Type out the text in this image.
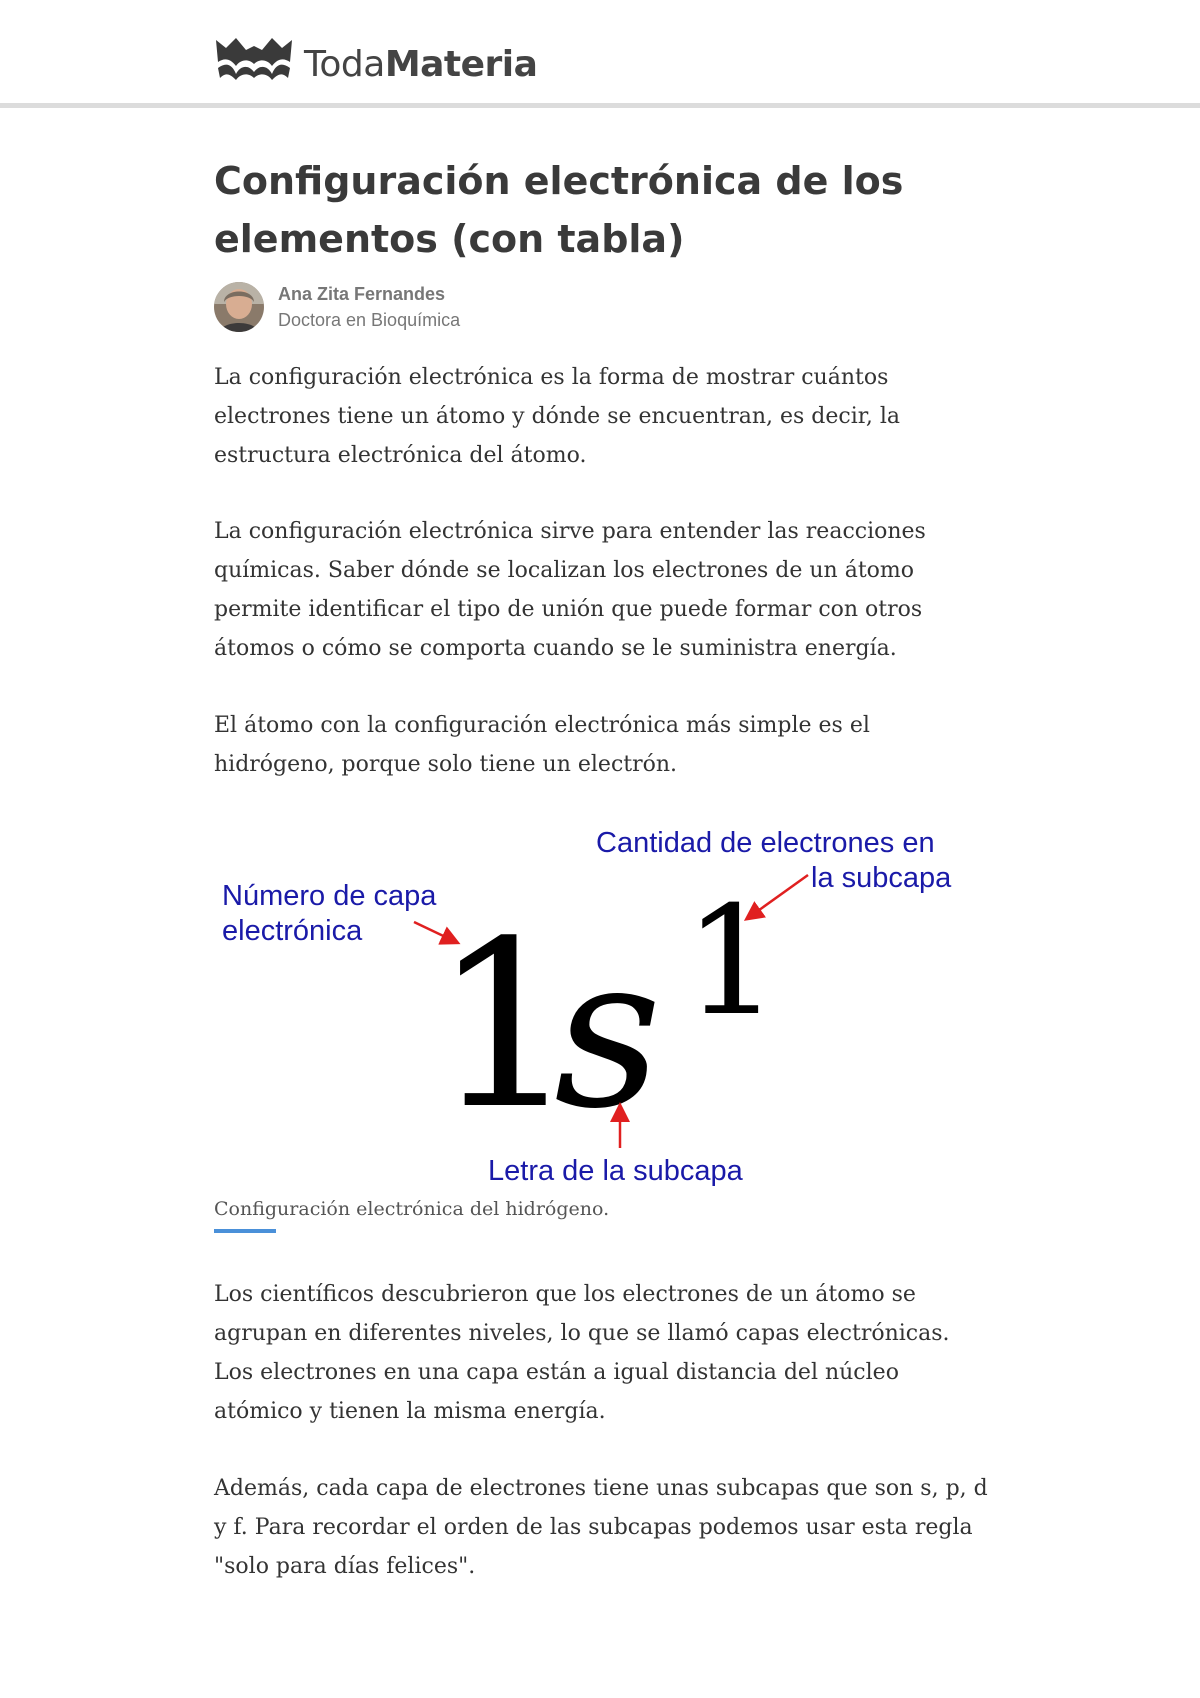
TodaMateria
Configuración electrónica de los elementos (con tabla)
Ana Zita Fernandes
Doctora en Bioquímica

La configuración electrónica es la forma de mostrar cuántos electrones tiene un átomo y dónde se encuentran, es decir, la estructura electrónica del átomo.

La configuración electrónica sirve para entender las reacciones químicas. Saber dónde se localizan los electrones de un átomo permite identificar el tipo de unión que puede formar con otros átomos o cómo se comporta cuando se le suministra energía.

El átomo con la configuración electrónica más simple es el hidrógeno, porque solo tiene un electrón.

Cantidad de electrones en
la subcapa
Número de capa
electrónica 1
s 1
Letra de la subcapa
Configuración electrónica del hidrógeno.

Los científicos descubrieron que los electrones de un átomo se agrupan en diferentes niveles, lo que se llamó capas electrónicas. Los electrones en una capa están a igual distancia del núcleo atómico y tienen la misma energía.

Además, cada capa de electrones tiene unas subcapas que son s, p, d y f. Para recordar el orden de las subcapas podemos usar esta regla "solo para días felices".
